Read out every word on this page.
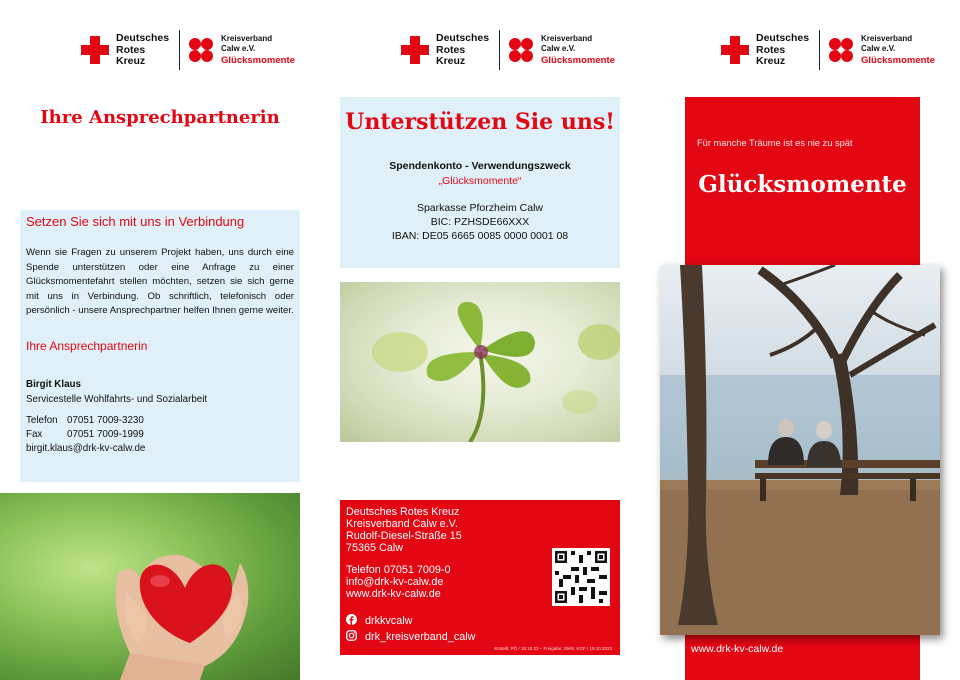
Deutsches
Rotes
Kreuz
Kreisverband
Calw e.V.
Glücksmomente
Deutsches
Rotes
Kreuz
Kreisverband
Calw e.V.
Glücksmomente
Deutsches
Rotes
Kreuz
Kreisverband
Calw e.V.
Glücksmomente
Ihre Ansprechpartnerin
Setzen Sie sich mit uns in Verbindung
Wenn sie Fragen zu unserem Projekt haben, uns durch eine Spende unterstützen oder eine Anfrage zu einer Glücksmomentefahrt stellen möchten, setzen sie sich gerne mit uns in Verbindung. Ob schriftlich, telefonisch oder persönlich - unsere Ansprechpartner helfen Ihnen gerne weiter.
Ihre Ansprechpartnerin
Birgit Klaus
Servicestelle Wohlfahrts- und Sozialarbeit
Telefon 07051 7009-3230
Fax	07051 7009-1999
birgit.klaus@drk-kv-calw.de
Unterstützen Sie uns!
Spendenkonto - Verwendungszweck
„Glücksmomente“
Sparkasse Pforzheim Calw
BIC: PZHSDE66XXX
IBAN: DE05 6665 0085 0000 0001 08
Deutsches Rotes Kreuz
Kreisverband Calw e.V.
Rudolf-Diesel-Straße 15
75365 Calw
Telefon 07051 7009-0
info@drk-kv-calw.de
www.drk-kv-calw.de
drkkvcalw
drk_kreisverband_calw
Erstellt: PÖ / 19.10.23 – Freigabe: Stefs. KGF / 19.10.2023
Für manche Träume ist es nie zu spät
Glücksmomente
www.drk-kv-calw.de
